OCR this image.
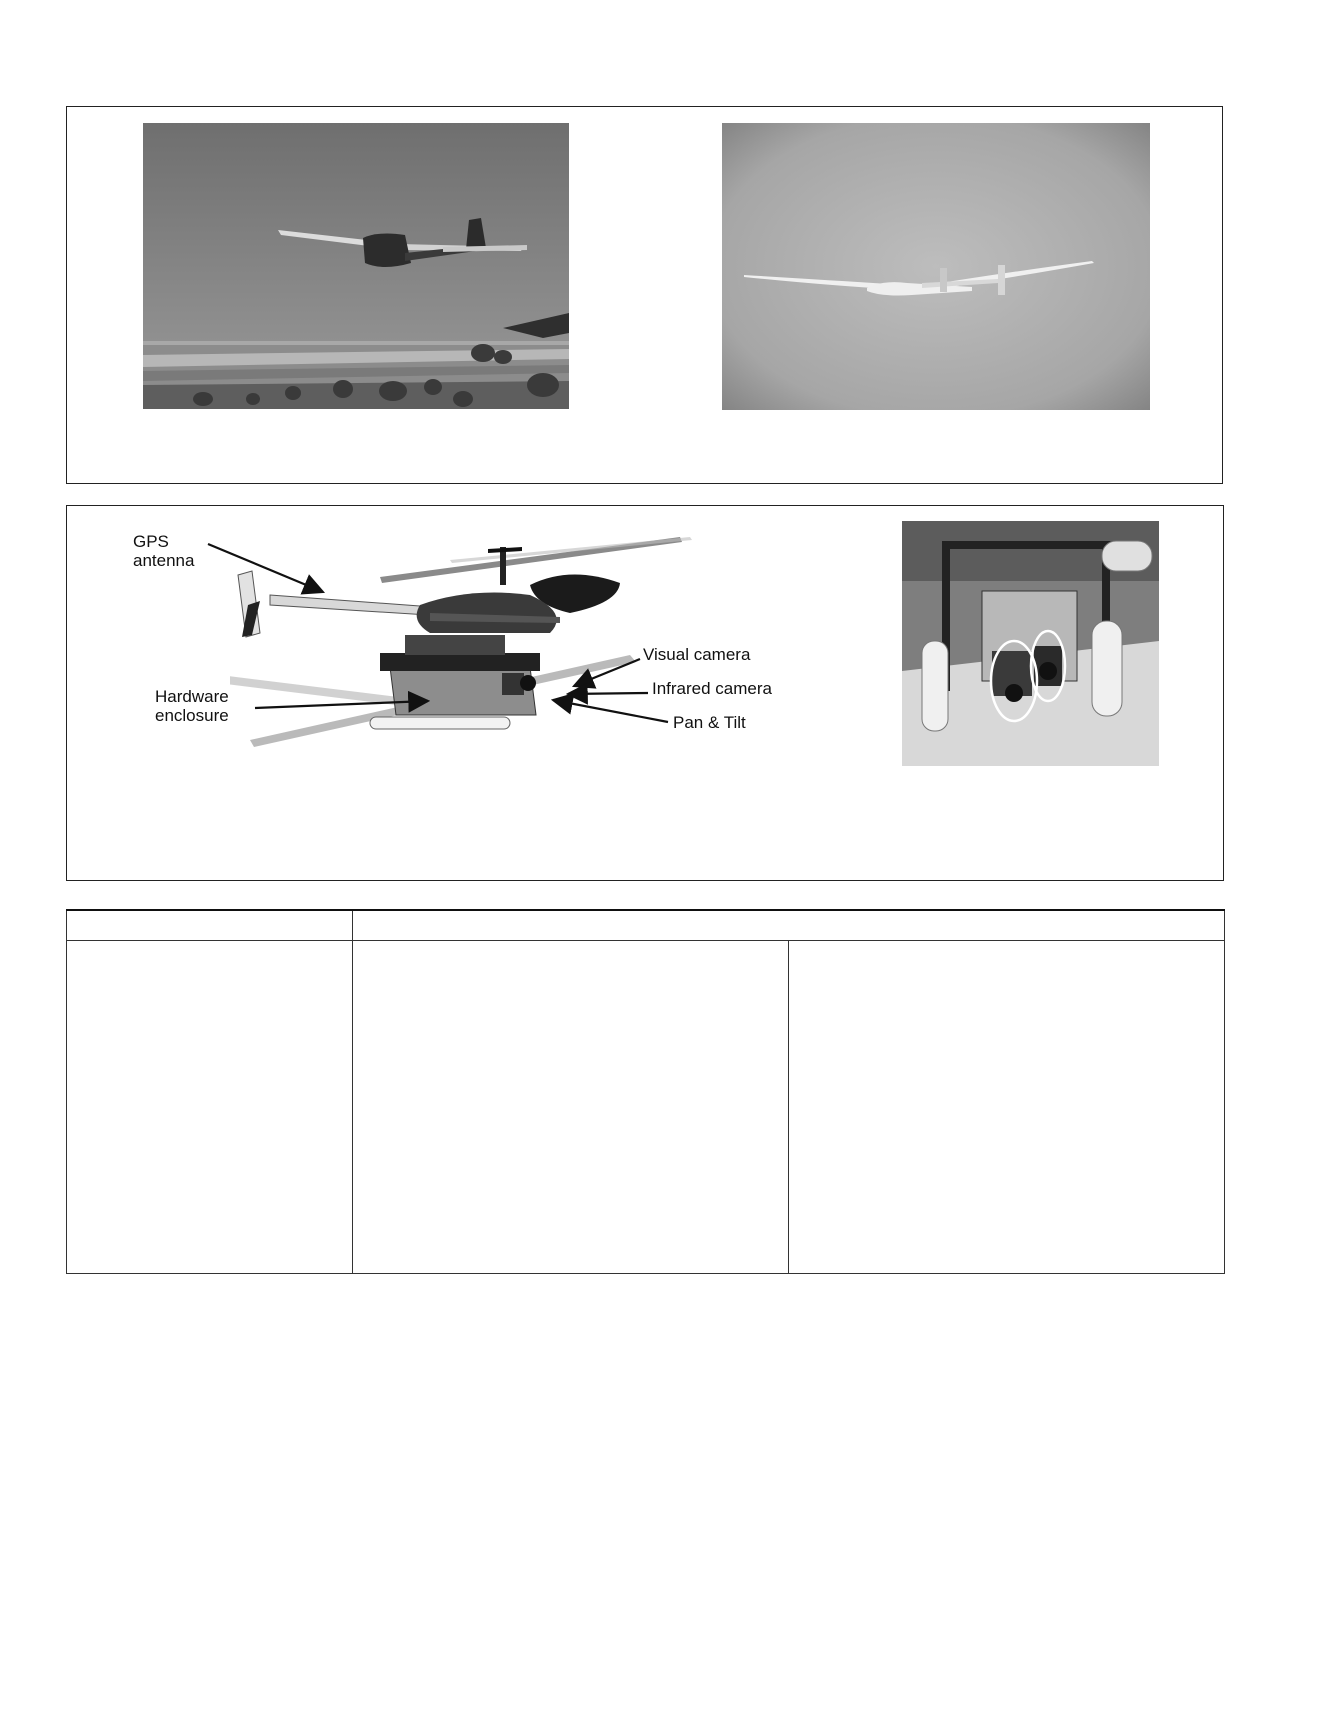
GPS
antenna
Hardware
enclosure
Visual camera
Infrared camera
Pan & Tilt
